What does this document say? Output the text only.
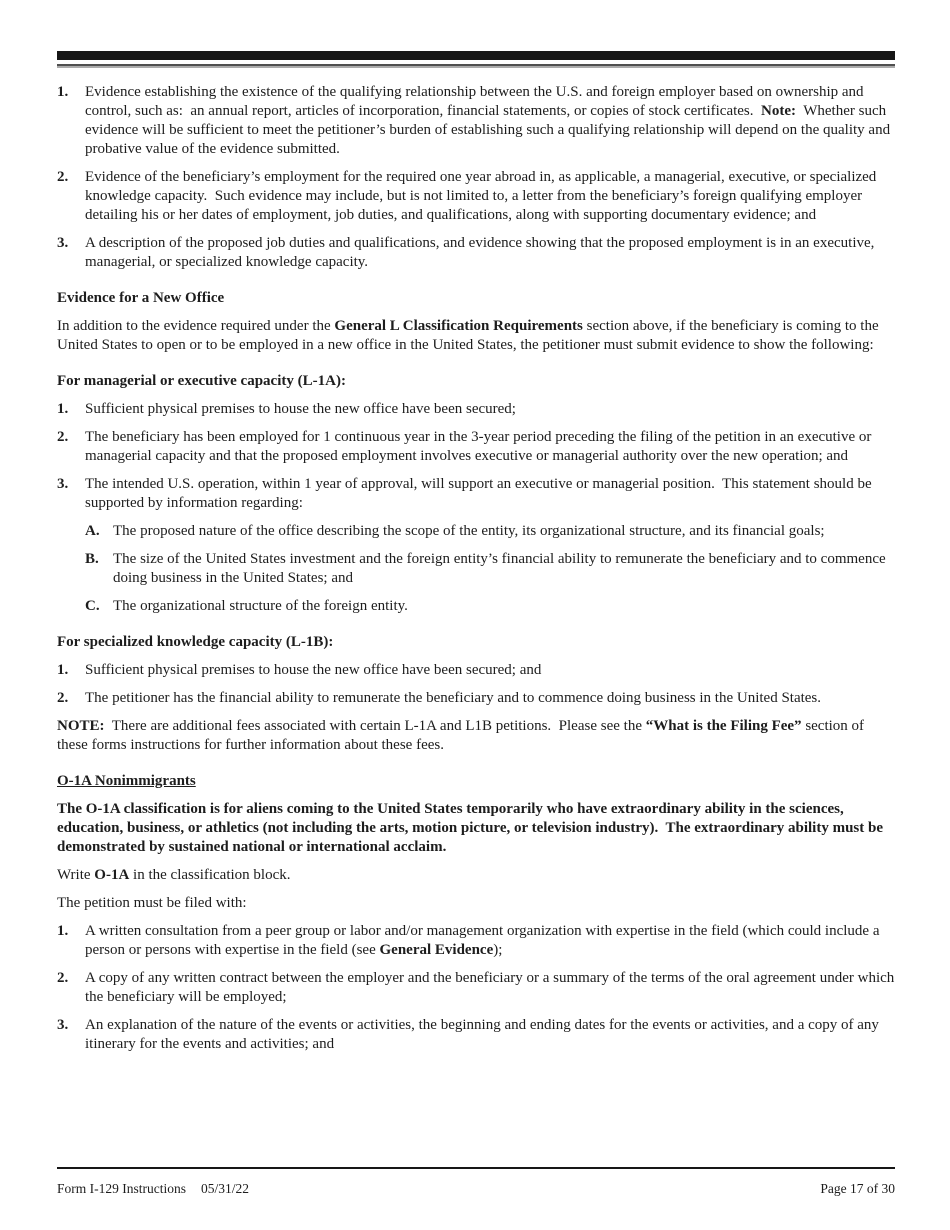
1.	Evidence establishing the existence of the qualifying relationship between the U.S. and foreign employer based on ownership and control, such as:  an annual report, articles of incorporation, financial statements, or copies of stock certificates.  Note:  Whether such evidence will be sufficient to meet the petitioner’s burden of establishing such a qualifying relationship will depend on the quality and probative value of the evidence submitted.
2.	Evidence of the beneficiary’s employment for the required one year abroad in, as applicable, a managerial, executive, or specialized knowledge capacity.  Such evidence may include, but is not limited to, a letter from the beneficiary’s foreign qualifying employer detailing his or her dates of employment, job duties, and qualifications, along with supporting documentary evidence; and
3.	A description of the proposed job duties and qualifications, and evidence showing that the proposed employment is in an executive, managerial, or specialized knowledge capacity.
Evidence for a New Office

In addition to the evidence required under the General L Classification Requirements section above, if the beneficiary is coming to the United States to open or to be employed in a new office in the United States, the petitioner must submit evidence to show the following:

For managerial or executive capacity (L-1A):
1.	Sufficient physical premises to house the new office have been secured;
2.	The beneficiary has been employed for 1 continuous year in the 3-year period preceding the filing of the petition in an executive or managerial capacity and that the proposed employment involves executive or managerial authority over the new operation; and
3.	The intended U.S. operation, within 1 year of approval, will support an executive or managerial position.  This statement should be supported by information regarding:
A. The proposed nature of the office describing the scope of the entity, its organizational structure, and its financial goals;
B. The size of the United States investment and the foreign entity’s financial ability to remunerate the beneficiary and to commence doing business in the United States; and
C. The organizational structure of the foreign entity.
For specialized knowledge capacity (L-1B):
1.	Sufficient physical premises to house the new office have been secured; and
2.	The petitioner has the financial ability to remunerate the beneficiary and to commence doing business in the United States.

NOTE:  There are additional fees associated with certain L-1A and L1B petitions.  Please see the “What is the Filing Fee” section of these forms instructions for further information about these fees.

O-1A Nonimmigrants

The O-1A classification is for aliens coming to the United States temporarily who have extraordinary ability in the sciences, education, business, or athletics (not including the arts, motion picture, or television industry).  The extraordinary ability must be demonstrated by sustained national or international acclaim.

Write O-1A in the classification block.

The petition must be filed with:

1.	A written consultation from a peer group or labor and/or management organization with expertise in the field (which could include a person or persons with expertise in the field (see General Evidence);
2.	A copy of any written contract between the employer and the beneficiary or a summary of the terms of the oral agreement under which the beneficiary will be employed;
3.	An explanation of the nature of the events or activities, the beginning and ending dates for the events or activities, and a copy of any itinerary for the events and activities; and
Form I-129 Instructions 05/31/22	Page 17 of 30
